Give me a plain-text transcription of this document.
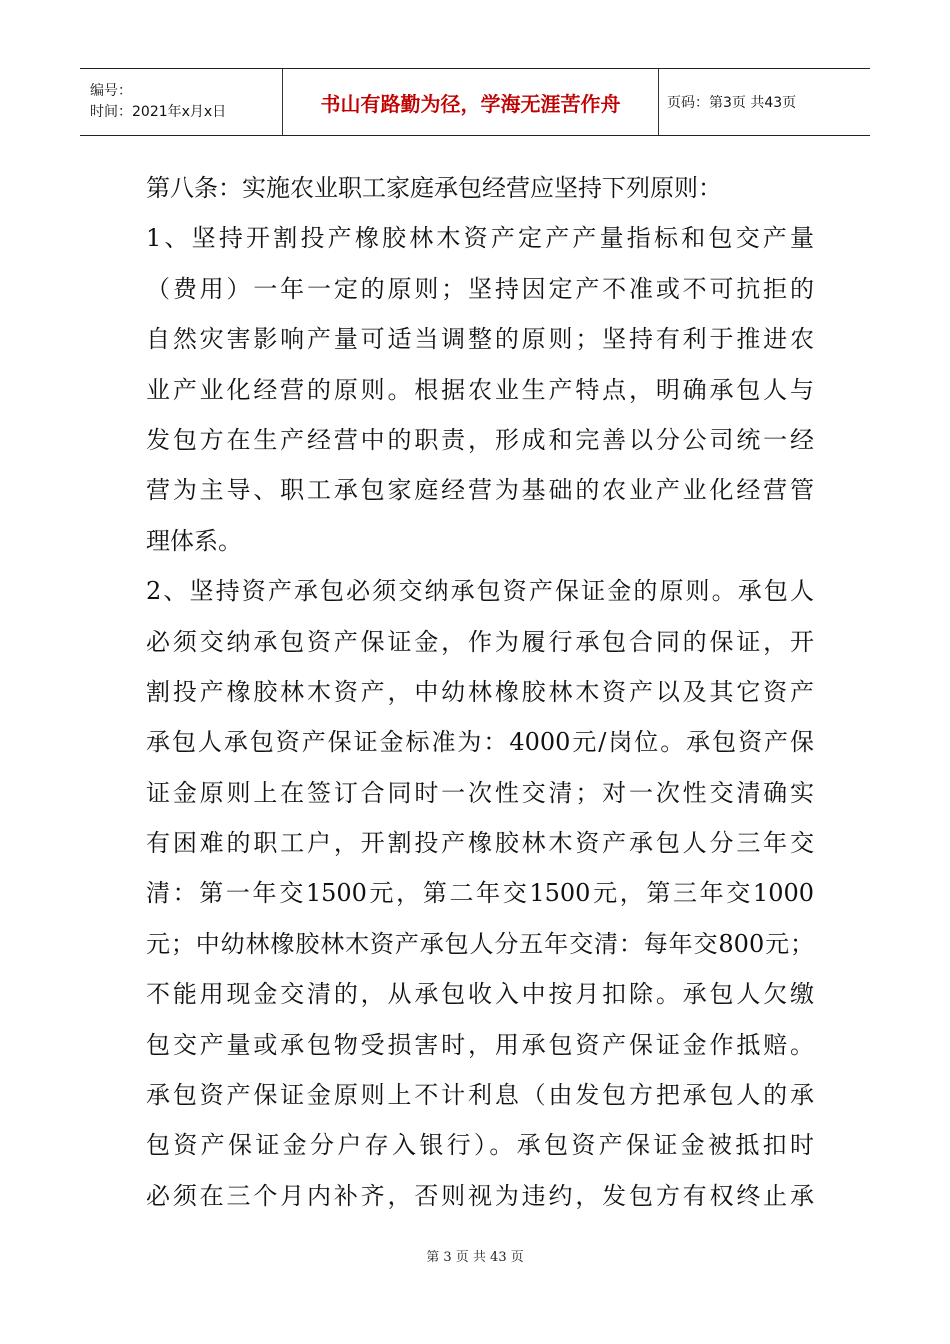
编号：
时间：2021年x月x日	书山有路勤为径，学海无涯苦作舟	页码：第3页 共43页
第八条：实施农业职工家庭承包经营应坚持下列原则：
1、坚持开割投产橡胶林木资产定产产量指标和包交产量
（费用）一年一定的原则；坚持因定产不准或不可抗拒的
自然灾害影响产量可适当调整的原则；坚持有利于推进农
业产业化经营的原则。根据农业生产特点，明确承包人与
发包方在生产经营中的职责，形成和完善以分公司统一经
营为主导、职工承包家庭经营为基础的农业产业化经营管
理体系。
2、坚持资产承包必须交纳承包资产保证金的原则。承包人
必须交纳承包资产保证金，作为履行承包合同的保证，开
割投产橡胶林木资产，中幼林橡胶林木资产以及其它资产
承包人承包资产保证金标准为：4000元/岗位。承包资产保
证金原则上在签订合同时一次性交清；对一次性交清确实
有困难的职工户，开割投产橡胶林木资产承包人分三年交
清：第一年交1500元，第二年交1500元，第三年交1000
元；中幼林橡胶林木资产承包人分五年交清：每年交800元；
不能用现金交清的，从承包收入中按月扣除。承包人欠缴
包交产量或承包物受损害时，用承包资产保证金作抵赔。
承包资产保证金原则上不计利息（由发包方把承包人的承
包资产保证金分户存入银行）。承包资产保证金被抵扣时
必须在三个月内补齐，否则视为违约，发包方有权终止承
第 3 页 共 43 页
